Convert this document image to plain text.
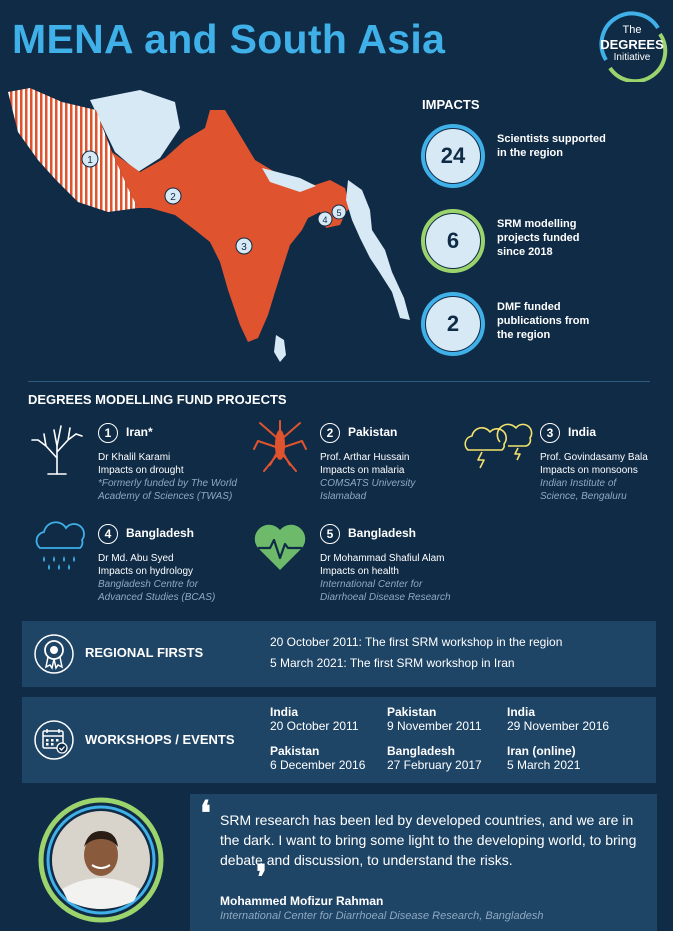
MENA and South Asia	The
DEGREES
Initiative
1
2
3
4
5
IMPACTS
24
Scientists supported in the region
6
SRM modelling projects funded since 2018
2
DMF funded publications from the region
DEGREES MODELLING FUND PROJECTS
1	Iran*
Dr Khalil Karami
Impacts on drought
*Formerly funded by The World
Academy of Sciences (TWAS)
2	Pakistan
Prof. Arthar Hussain
Impacts on malaria
COMSATS University
Islamabad
3	India
Prof. Govindasamy Bala
Impacts on monsoons
Indian Institute of
Science, Bengaluru
4	Bangladesh
Dr Md. Abu Syed
Impacts on hydrology
Bangladesh Centre for
Advanced Studies (BCAS)
5	Bangladesh
Dr Mohammad Shafiul Alam
Impacts on health
International Center for
Diarrhoeal Disease Research
REGIONAL FIRSTS
20 October 2011: The first SRM workshop in the region
5 March 2021: The first SRM workshop in Iran
WORKSHOPS / EVENTS
India
20 October 2011
Pakistan
9 November 2011
India
29 November 2016
Pakistan
6 December 2016
Bangladesh
27 February 2017
Iran (online)
5 March 2021
❛ SRM research has been led by developed countries, and we are in the dark. I want to bring some light to the developing world, to bring debate and discussion, to understand the risks.
❜
Mohammed Mofizur Rahman
International Center for Diarrhoeal Disease Research, Bangladesh
